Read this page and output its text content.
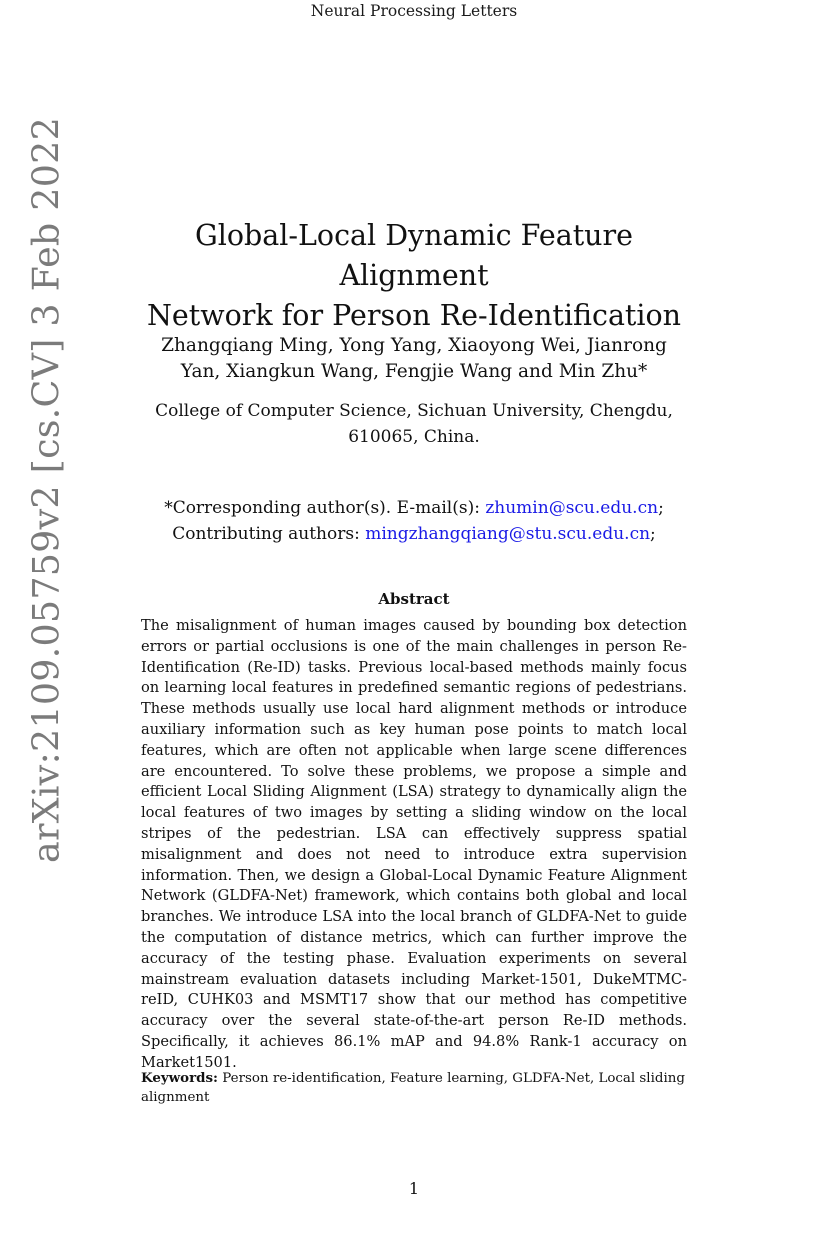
Neural Processing Letters
arXiv:2109.05759v2 [cs.CV] 3 Feb 2022	Global-Local Dynamic Feature Alignment
Network for Person Re-Identification
Zhangqiang Ming, Yong Yang, Xiaoyong Wei, Jianrong
Yan, Xiangkun Wang, Fengjie Wang and Min Zhu*
College of Computer Science, Sichuan University, Chengdu,
610065, China.
*Corresponding author(s). E-mail(s): zhumin@scu.edu.cn;
Contributing authors: mingzhangqiang@stu.scu.edu.cn;
Abstract

The misalignment of human images caused by bounding box detection errors or partial occlusions is one of the main challenges in person Re-Identification (Re-ID) tasks. Previous local-based methods mainly focus on learning local features in predefined semantic regions of pedestrians. These methods usually use local hard alignment methods or introduce auxiliary information such as key human pose points to match local features, which are often not applicable when large scene differences are encountered. To solve these problems, we propose a simple and efficient Local Sliding Alignment (LSA) strategy to dynamically align the local features of two images by setting a sliding window on the local stripes of the pedestrian. LSA can effectively suppress spatial misalignment and does not need to introduce extra supervision information. Then, we design a Global-Local Dynamic Feature Alignment Network (GLDFA-Net) framework, which contains both global and local branches. We introduce LSA into the local branch of GLDFA-Net to guide the computation of distance metrics, which can further improve the accuracy of the testing phase. Evaluation experiments on several mainstream evaluation datasets including Market-1501, DukeMTMC-reID, CUHK03 and MSMT17 show that our method has competitive accuracy over the several state-of-the-art person Re-ID methods. Specifically, it achieves 86.1% mAP and 94.8% Rank-1 accuracy on Market1501.

Keywords: Person re-identification, Feature learning, GLDFA-Net, Local sliding alignment
1
